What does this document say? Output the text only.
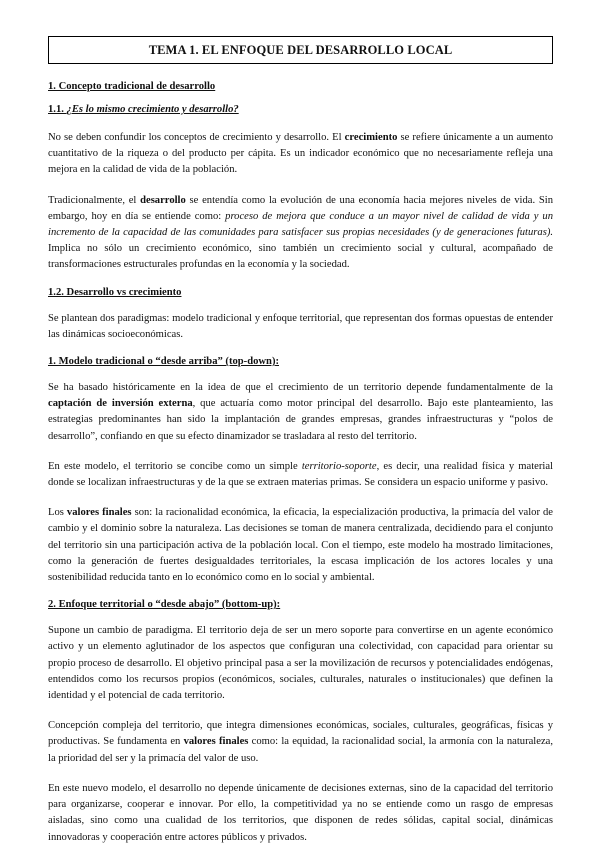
TEMA 1. EL ENFOQUE DEL DESARROLLO LOCAL
1. Concepto tradicional de desarrollo
1.1. ¿Es lo mismo crecimiento y desarrollo?

No se deben confundir los conceptos de crecimiento y desarrollo. El crecimiento se refiere únicamente a un aumento cuantitativo de la riqueza o del producto per cápita. Es un indicador económico que no necesariamente refleja una mejora en la calidad de vida de la población.

Tradicionalmente, el desarrollo se entendía como la evolución de una economía hacia mejores niveles de vida. Sin embargo, hoy en día se entiende como: proceso de mejora que conduce a un mayor nivel de calidad de vida y un incremento de la capacidad de las comunidades para satisfacer sus propias necesidades (y de generaciones futuras). Implica no sólo un crecimiento económico, sino también un crecimiento social y cultural, acompañado de transformaciones estructurales profundas en la economía y la sociedad.

1.2. Desarrollo vs crecimiento

Se plantean dos paradigmas: modelo tradicional y enfoque territorial, que representan dos formas opuestas de entender las dinámicas socioeconómicas.

1. Modelo tradicional o “desde arriba” (top-down):

Se ha basado históricamente en la idea de que el crecimiento de un territorio depende fundamentalmente de la captación de inversión externa, que actuaría como motor principal del desarrollo. Bajo este planteamiento, las estrategias predominantes han sido la implantación de grandes empresas, grandes infraestructuras y “polos de desarrollo”, confiando en que su efecto dinamizador se trasladara al resto del territorio.

En este modelo, el territorio se concibe como un simple territorio-soporte, es decir, una realidad física y material donde se localizan infraestructuras y de la que se extraen materias primas. Se considera un espacio uniforme y pasivo.

Los valores finales son: la racionalidad económica, la eficacia, la especialización productiva, la primacía del valor de cambio y el dominio sobre la naturaleza. Las decisiones se toman de manera centralizada, decidiendo para el conjunto del territorio sin una participación activa de la población local. Con el tiempo, este modelo ha mostrado limitaciones, como la generación de fuertes desigualdades territoriales, la escasa implicación de los actores locales y una sostenibilidad reducida tanto en lo económico como en lo social y ambiental.

2. Enfoque territorial o “desde abajo” (bottom-up):

Supone un cambio de paradigma. El territorio deja de ser un mero soporte para convertirse en un agente económico activo y un elemento aglutinador de los aspectos que configuran una colectividad, con capacidad para orientar su propio proceso de desarrollo. El objetivo principal pasa a ser la movilización de recursos y potencialidades endógenas, entendidos como los recursos propios (económicos, sociales, culturales, naturales o institucionales) que definen la identidad y el potencial de cada territorio.

Concepción compleja del territorio, que integra dimensiones económicas, sociales, culturales, geográficas, físicas y productivas. Se fundamenta en valores finales como: la equidad, la racionalidad social, la armonía con la naturaleza, la prioridad del ser y la primacía del valor de uso.

En este nuevo modelo, el desarrollo no depende únicamente de decisiones externas, sino de la capacidad del territorio para organizarse, cooperar e innovar. Por ello, la competitividad ya no se entiende como un rasgo de empresas aisladas, sino como una cualidad de los territorios, que disponen de redes sólidas, capital social, dinámicas innovadoras y cooperación entre actores públicos y privados.
